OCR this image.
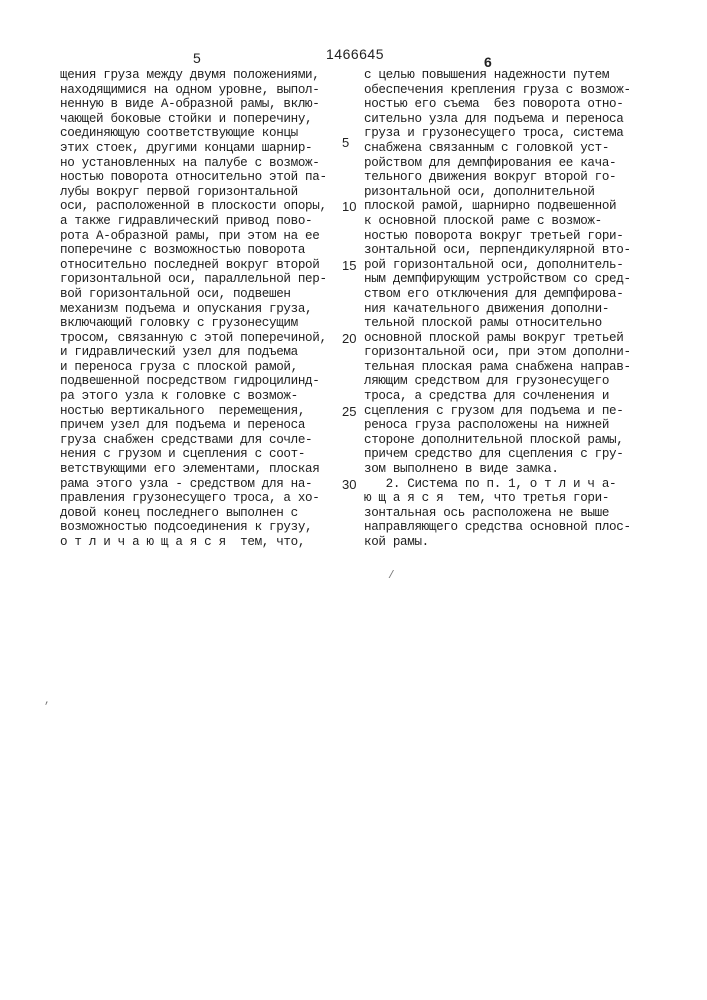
5	1466645	6
щения груза между двумя положениями,
находящимися на одном уровне, выпол-
ненную в виде А-образной рамы, вклю-
чающей боковые стойки и поперечину,
соединяющую соответствующие концы
этих стоек, другими концами шарнир-
но установленных на палубе с возмож-
ностью поворота относительно этой па-
лубы вокруг первой горизонтальной
оси, расположенной в плоскости опоры,
а также гидравлический привод пово-
рота А-образной рамы, при этом на ее
поперечине с возможностью поворота
относительно последней вокруг второй
горизонтальной оси, параллельной пер-
вой горизонтальной оси, подвешен
механизм подъема и опускания груза,
включающий головку с грузонесущим
тросом, связанную с этой поперечиной,
и гидравлический узел для подъема
и переноса груза с плоской рамой,
подвешенной посредством гидроцилинд-
ра этого узла к головке с возмож-
ностью вертикального  перемещения,
причем узел для подъема и переноса
груза снабжен средствами для сочле-
нения с грузом и сцепления с соот-
ветствующими его элементами, плоская
рама этого узла - средством для на-
правления грузонесущего троса, а хо-
довой конец последнего выполнен с
возможностью подсоединения к грузу,
о т л и ч а ю щ а я с я  тем, что,
с целью повышения надежности путем
обеспечения крепления груза с возмож-
ностью его съема  без поворота отно-
сительно узла для подъема и переноса
груза и грузонесущего троса, система
снабжена связанным с головкой уст-
ройством для демпфирования ее кача-
тельного движения вокруг второй го-
ризонтальной оси, дополнительной
плоской рамой, шарнирно подвешенной
к основной плоской раме с возмож-
ностью поворота вокруг третьей гори-
зонтальной оси, перпендикулярной вто-
рой горизонтальной оси, дополнитель-
ным демпфирующим устройством со сред-
ством его отключения для демпфирова-
ния качательного движения дополни-
тельной плоской рамы относительно
основной плоской рамы вокруг третьей
горизонтальной оси, при этом дополни-
тельная плоская рама снабжена направ-
ляющим средством для грузонесущего
троса, а средства для сочленения и
сцепления с грузом для подъема и пе-
реноса груза расположены на нижней
стороне дополнительной плоской рамы,
причем средство для сцепления с гру-
зом выполнено в виде замка.
2. Система по п. 1, о т л и ч а-
ю щ а я с я  тем, что третья гори-
зонтальная ось расположена не выше
направляющего средства основной плос-
кой рамы.
5
10
15
20
25
30
/
,
